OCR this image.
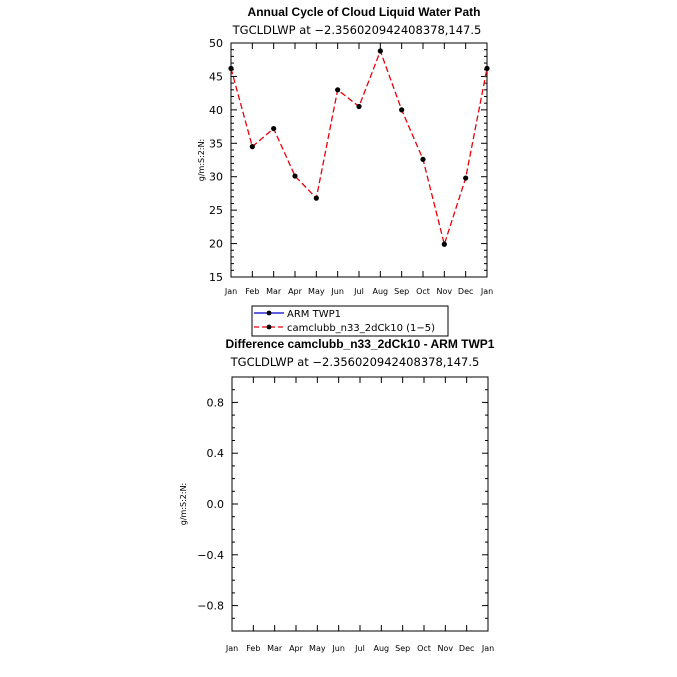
Annual Cycle of Cloud Liquid Water Path
TGCLDLWP at −2.356020942408378,147.5
15
20
25
30
35
40
45
50
Jan Feb Mar Apr May Jun Jul Aug Sep Oct Nov Dec Jan
g/m:S:2:N:
ARM TWP1
camclubb_n33_2dCk10 (1−5)
Difference camclubb_n33_2dCk10 - ARM TWP1
TGCLDLWP at −2.356020942408378,147.5
−0.8
−0.4
0.0
0.4
0.8
Jan Feb Mar Apr May Jun Jul Aug Sep Oct Nov Dec Jan
g/m:S:2:N:
